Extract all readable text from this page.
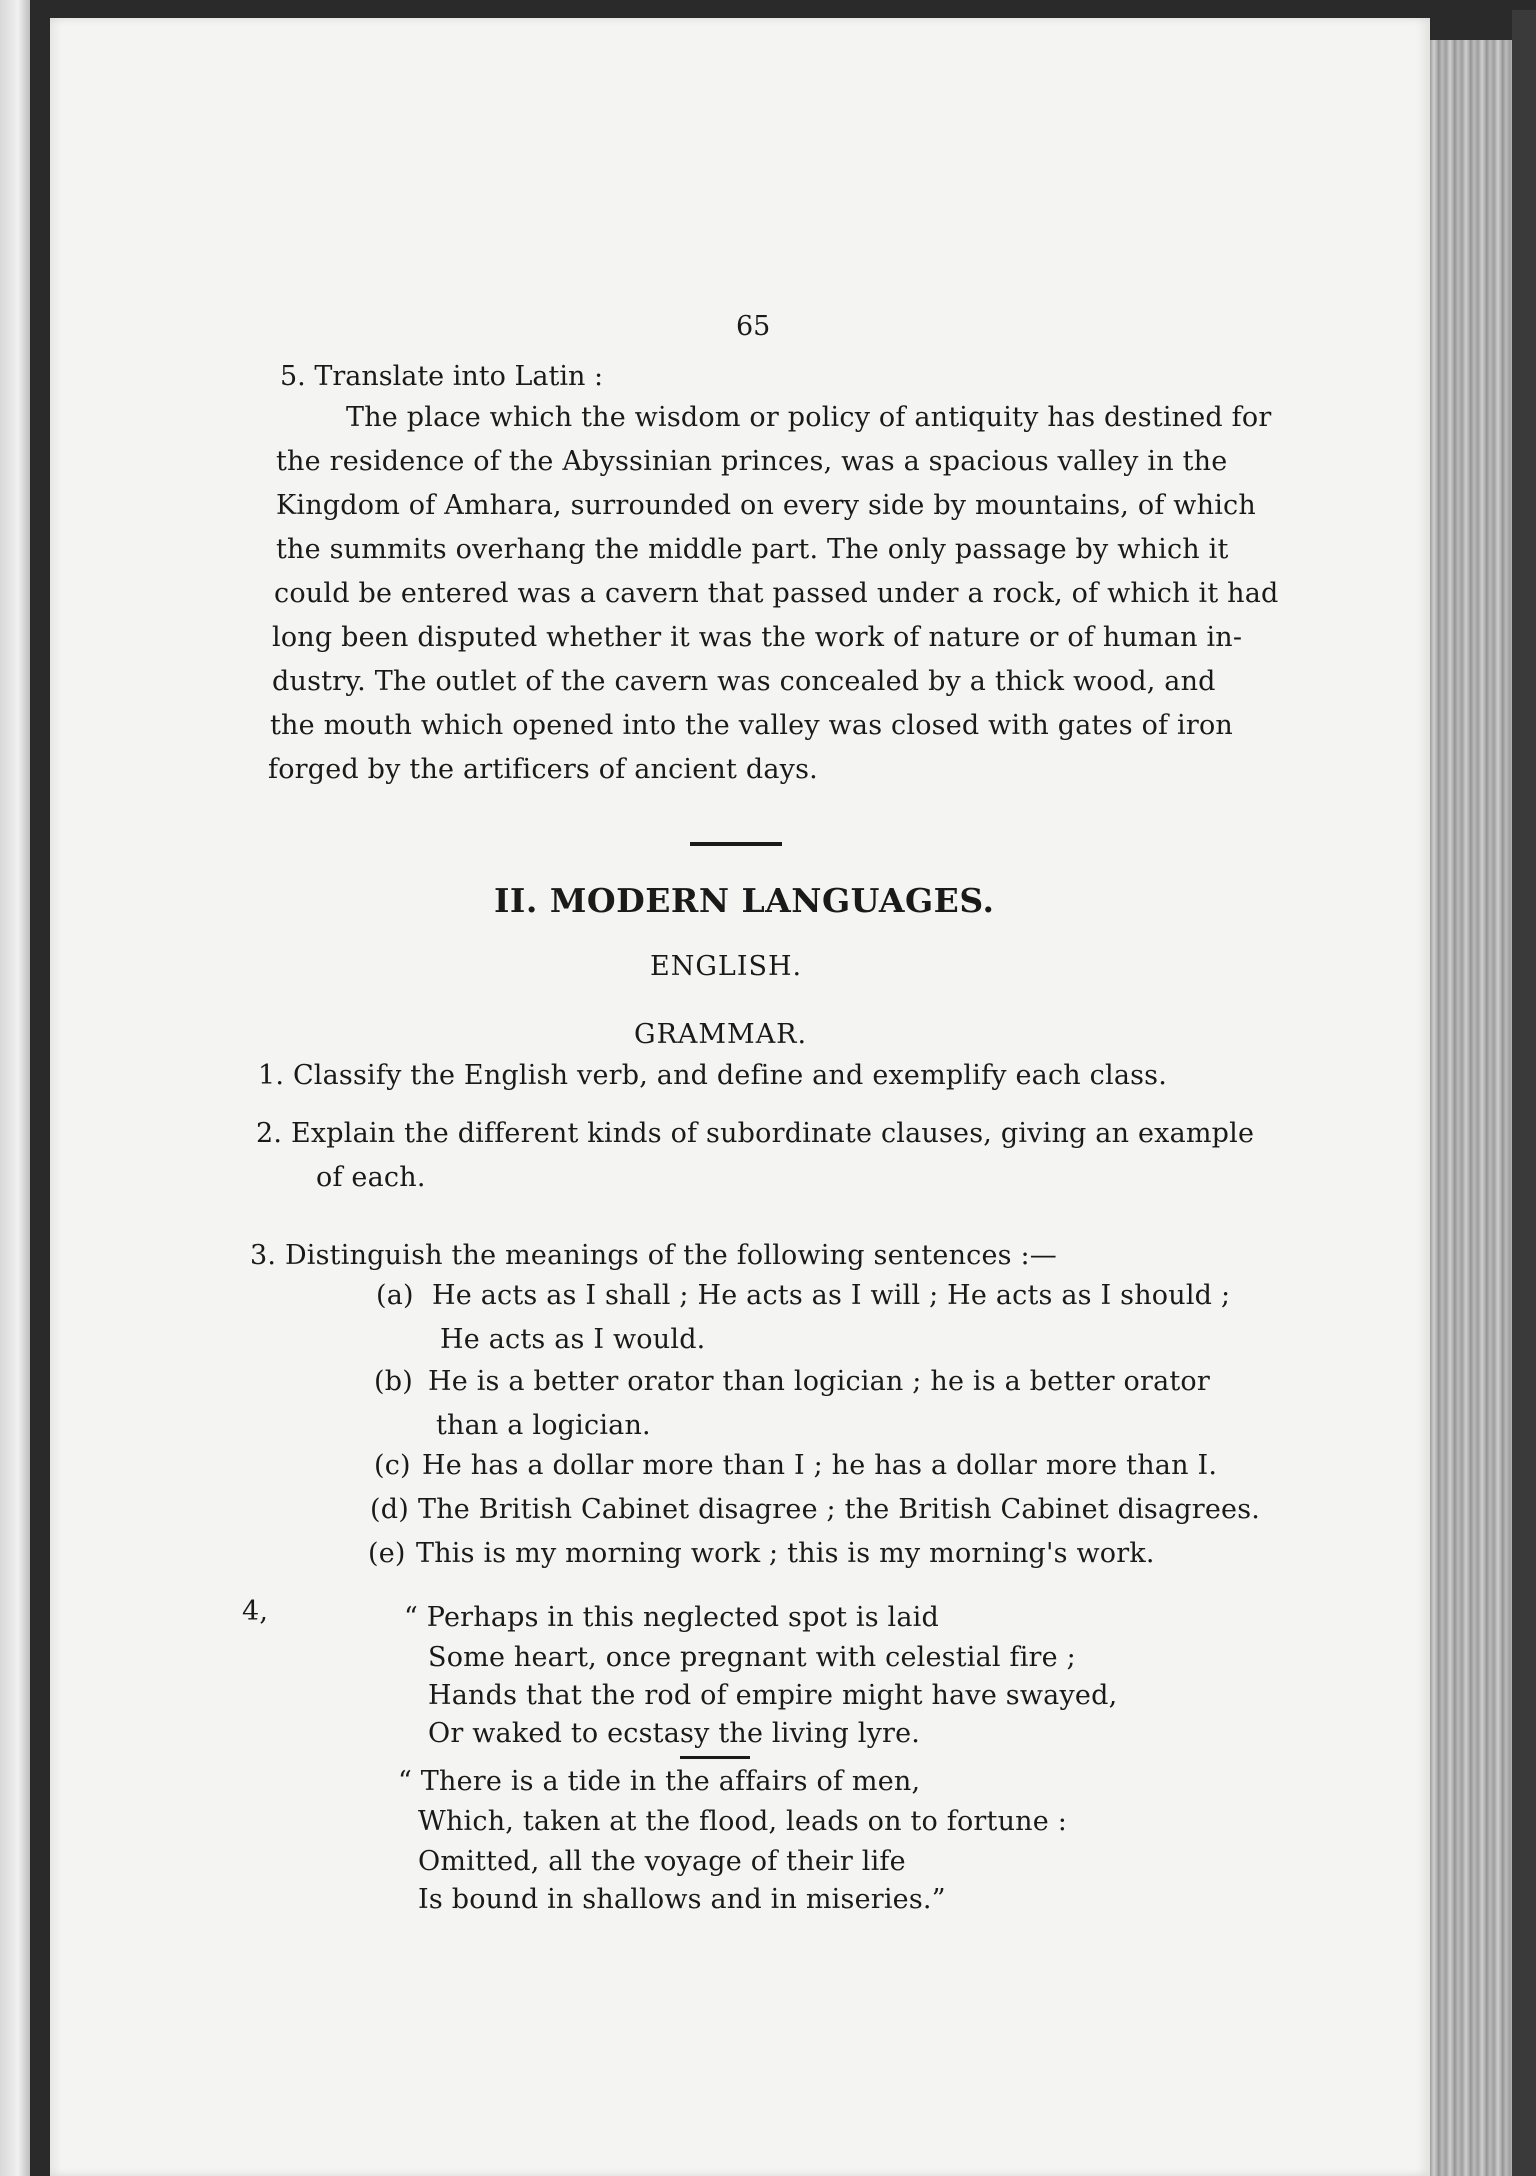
65
5. Translate into Latin :
The place which the wisdom or policy of antiquity has destined for
the residence of the Abyssinian princes, was a spacious valley in the
Kingdom of Amhara, surrounded on every side by mountains, of which
the summits overhang the middle part. The only passage by which it
could be entered was a cavern that passed under a rock, of which it had
long been disputed whether it was the work of nature or of human in-
dustry. The outlet of the cavern was concealed by a thick wood, and
the mouth which opened into the valley was closed with gates of iron
forged by the artificers of ancient days.
II. MODERN LANGUAGES.
ENGLISH.
GRAMMAR.
1. Classify the English verb, and define and exemplify each class.
2. Explain the different kinds of subordinate clauses, giving an example
of each.
3. Distinguish the meanings of the following sentences :—
(a) He acts as I shall ; He acts as I will ; He acts as I should ;
He acts as I would.
(b) He is a better orator than logician ; he is a better orator
than a logician.
(c) He has a dollar more than I ; he has a dollar more than I.
(d) The British Cabinet disagree ; the British Cabinet disagrees.
(e) This is my morning work ; this is my morning's work.
4,	“ Perhaps in this neglected spot is laid
Some heart, once pregnant with celestial fire ;
Hands that the rod of empire might have swayed,
Or waked to ecstasy the living lyre.
“ There is a tide in the affairs of men,
Which, taken at the flood, leads on to fortune :
Omitted, all the voyage of their life
Is bound in shallows and in miseries.”
